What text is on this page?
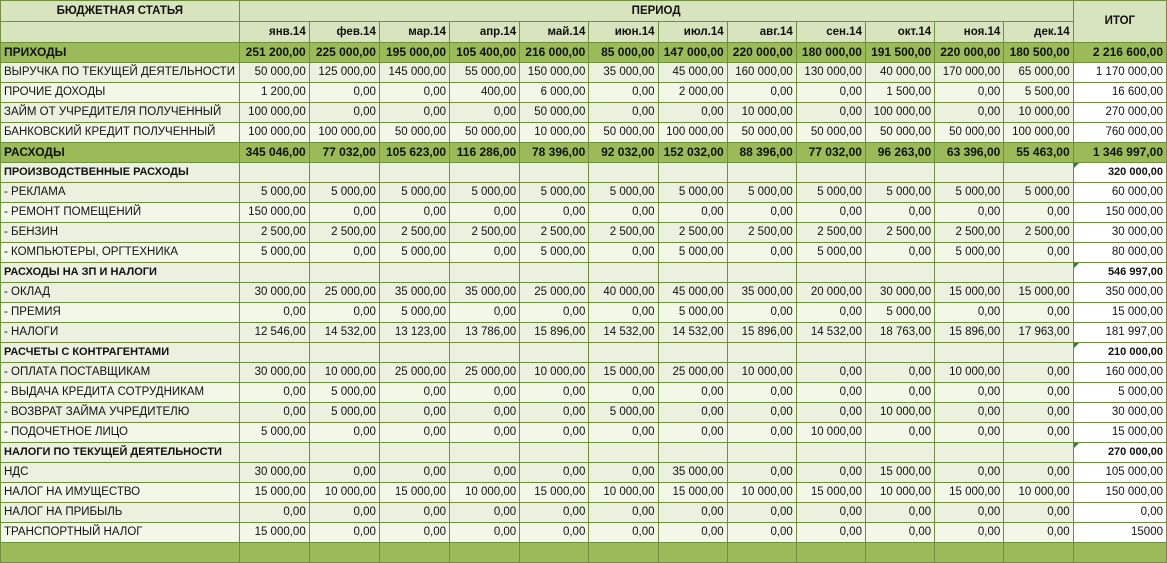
БЮДЖЕТНАЯ СТАТЬЯ	ПЕРИОД												ИТОГ
	янв.14	фев.14	мар.14	апр.14	май.14	июн.14	июл.14	авг.14	сен.14	окт.14	ноя.14	дек.14	
ПРИХОДЫ	251 200,00	225 000,00	195 000,00	105 400,00	216 000,00	85 000,00	147 000,00	220 000,00	180 000,00	191 500,00	220 000,00	180 500,00	2 216 600,00
ВЫРУЧКА ПО ТЕКУЩЕЙ ДЕЯТЕЛЬНОСТИ	50 000,00	125 000,00	145 000,00	55 000,00	150 000,00	35 000,00	45 000,00	160 000,00	130 000,00	40 000,00	170 000,00	65 000,00	1 170 000,00
ПРОЧИЕ ДОХОДЫ	1 200,00	0,00	0,00	400,00	6 000,00	0,00	2 000,00	0,00	0,00	1 500,00	0,00	5 500,00	16 600,00
ЗАЙМ ОТ УЧРЕДИТЕЛЯ ПОЛУЧЕННЫЙ	100 000,00	0,00	0,00	0,00	50 000,00	0,00	0,00	10 000,00	0,00	100 000,00	0,00	10 000,00	270 000,00
БАНКОВСКИЙ КРЕДИТ ПОЛУЧЕННЫЙ	100 000,00	100 000,00	50 000,00	50 000,00	10 000,00	50 000,00	100 000,00	50 000,00	50 000,00	50 000,00	50 000,00	100 000,00	760 000,00
РАСХОДЫ	345 046,00	77 032,00	105 623,00	116 286,00	78 396,00	92 032,00	152 032,00	88 396,00	77 032,00	96 263,00	63 396,00	55 463,00	1 346 997,00
ПРОИЗВОДСТВЕННЫЕ РАСХОДЫ													320 000,00
- РЕКЛАМА	5 000,00	5 000,00	5 000,00	5 000,00	5 000,00	5 000,00	5 000,00	5 000,00	5 000,00	5 000,00	5 000,00	5 000,00	60 000,00
- РЕМОНТ ПОМЕЩЕНИЙ	150 000,00	0,00	0,00	0,00	0,00	0,00	0,00	0,00	0,00	0,00	0,00	0,00	150 000,00
- БЕНЗИН	2 500,00	2 500,00	2 500,00	2 500,00	2 500,00	2 500,00	2 500,00	2 500,00	2 500,00	2 500,00	2 500,00	2 500,00	30 000,00
- КОМПЬЮТЕРЫ, ОРГТЕХНИКА	5 000,00	0,00	5 000,00	0,00	5 000,00	0,00	5 000,00	0,00	5 000,00	0,00	5 000,00	0,00	80 000,00
РАСХОДЫ НА ЗП И НАЛОГИ													546 997,00
- ОКЛАД	30 000,00	25 000,00	35 000,00	35 000,00	25 000,00	40 000,00	45 000,00	35 000,00	20 000,00	30 000,00	15 000,00	15 000,00	350 000,00
- ПРЕМИЯ	0,00	0,00	5 000,00	0,00	0,00	0,00	5 000,00	0,00	0,00	5 000,00	0,00	0,00	15 000,00
- НАЛОГИ	12 546,00	14 532,00	13 123,00	13 786,00	15 896,00	14 532,00	14 532,00	15 896,00	14 532,00	18 763,00	15 896,00	17 963,00	181 997,00
РАСЧЕТЫ С КОНТРАГЕНТАМИ													210 000,00
- ОПЛАТА ПОСТАВЩИКАМ	30 000,00	10 000,00	25 000,00	25 000,00	10 000,00	15 000,00	25 000,00	10 000,00	0,00	0,00	10 000,00	0,00	160 000,00
- ВЫДАЧА КРЕДИТА СОТРУДНИКАМ	0,00	5 000,00	0,00	0,00	0,00	0,00	0,00	0,00	0,00	0,00	0,00	0,00	5 000,00
- ВОЗВРАТ ЗАЙМА УЧРЕДИТЕЛЮ	0,00	5 000,00	0,00	0,00	0,00	5 000,00	0,00	0,00	0,00	10 000,00	0,00	0,00	30 000,00
- ПОДОЧЕТНОЕ ЛИЦО	5 000,00	0,00	0,00	0,00	0,00	0,00	0,00	0,00	10 000,00	0,00	0,00	0,00	15 000,00
НАЛОГИ ПО ТЕКУЩЕЙ ДЕЯТЕЛЬНОСТИ													270 000,00
НДС	30 000,00	0,00	0,00	0,00	0,00	0,00	35 000,00	0,00	0,00	15 000,00	0,00	0,00	105 000,00
НАЛОГ НА ИМУЩЕСТВО	15 000,00	10 000,00	15 000,00	10 000,00	15 000,00	10 000,00	15 000,00	10 000,00	15 000,00	10 000,00	15 000,00	10 000,00	150 000,00
НАЛОГ НА ПРИБЫЛЬ	0,00	0,00	0,00	0,00	0,00	0,00	0,00	0,00	0,00	0,00	0,00	0,00	0,00
ТРАНСПОРТНЫЙ НАЛОГ	15 000,00	0,00	0,00	0,00	0,00	0,00	0,00	0,00	0,00	0,00	0,00	0,00	15000
